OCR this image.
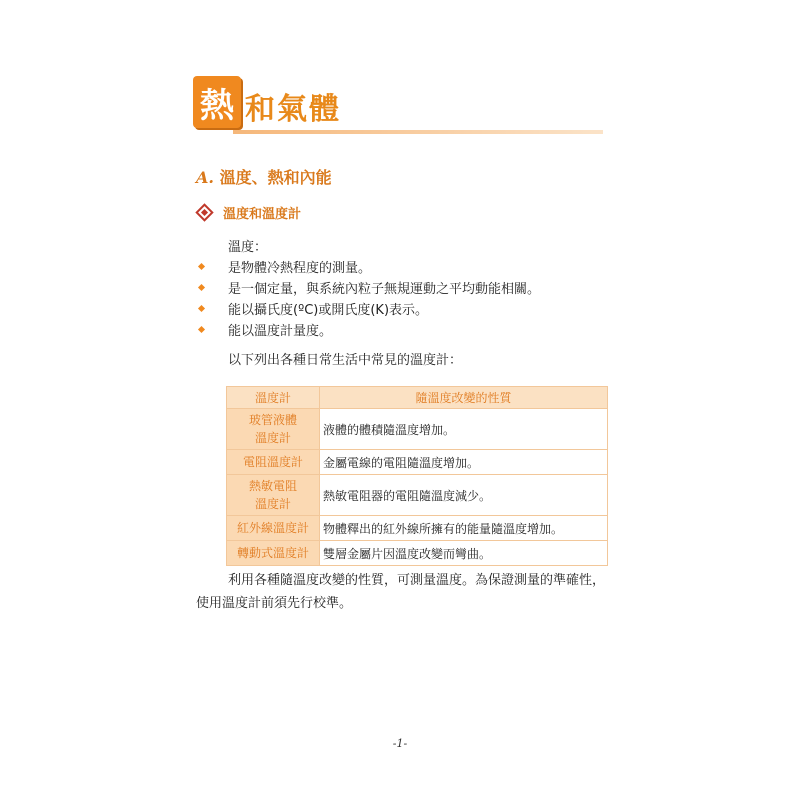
熱 和氣體
A. 溫度、熱和內能
溫度和溫度計
溫度：
是物體冷熱程度的測量。
是一個定量，與系統內粒子無規運動之平均動能相關。
能以攝氏度(ºC)或開氏度(K)表示。
能以溫度計量度。
以下列出各種日常生活中常見的溫度計：
溫度計	隨溫度改變的性質
玻管液體溫度計	液體的體積隨溫度增加。
電阻溫度計	金屬電線的電阻隨溫度增加。
熱敏電阻溫度計	熱敏電阻器的電阻隨溫度減少。
紅外線溫度計	物體釋出的紅外線所擁有的能量隨溫度增加。
轉動式溫度計	雙層金屬片因溫度改變而彎曲。
利用各種隨溫度改變的性質，可測量溫度。為保證測量的準確性，使用溫度計前須先行校準。
-1-
